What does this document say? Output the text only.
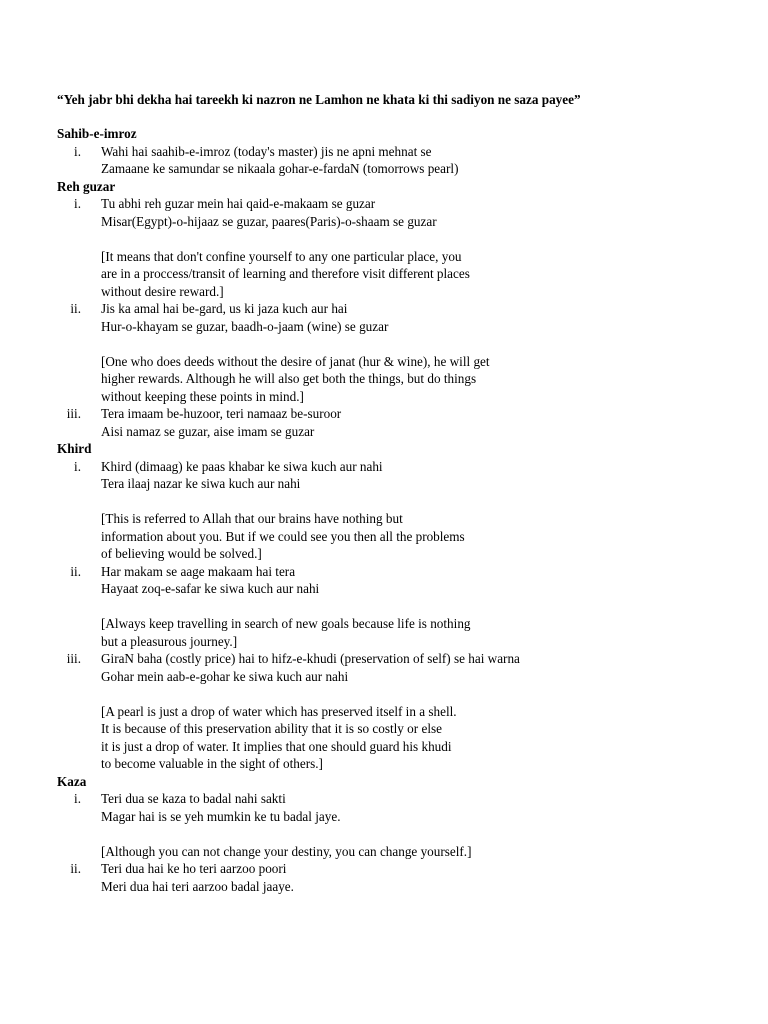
“Yeh jabr bhi dekha hai tareekh ki nazron ne Lamhon ne khata ki thi sadiyon ne saza payee”
Sahib-e-imroz
i. Wahi hai saahib-e-imroz (today's master) jis ne apni mehnat se
Zamaane ke samundar se nikaala gohar-e-fardaN (tomorrows pearl)
Reh guzar
i. Tu abhi reh guzar mein hai qaid-e-makaam se guzar
Misar(Egypt)-o-hijaaz se guzar, paares(Paris)-o-shaam se guzar
[It means that don't confine yourself to any one particular place, you
are in a proccess/transit of learning and therefore visit different places
without desire reward.]
ii. Jis ka amal hai be-gard, us ki jaza kuch aur hai
Hur-o-khayam se guzar, baadh-o-jaam (wine) se guzar
[One who does deeds without the desire of janat (hur & wine), he will get
higher rewards. Although he will also get both the things, but do things
without keeping these points in mind.]
iii. Tera imaam be-huzoor, teri namaaz be-suroor
Aisi namaz se guzar, aise imam se guzar
Khird
i. Khird (dimaag) ke paas khabar ke siwa kuch aur nahi
Tera ilaaj nazar ke siwa kuch aur nahi
[This is referred to Allah that our brains have nothing but
information about you. But if we could see you then all the problems
of believing would be solved.]
ii. Har makam se aage makaam hai tera
Hayaat zoq-e-safar ke siwa kuch aur nahi
[Always keep travelling in search of new goals because life is nothing
but a pleasurous journey.]
iii. GiraN baha (costly price) hai to hifz-e-khudi (preservation of self) se hai warna
Gohar mein aab-e-gohar ke siwa kuch aur nahi
[A pearl is just a drop of water which has preserved itself in a shell.
It is because of this preservation ability that it is so costly or else
it is just a drop of water. It implies that one should guard his khudi
to become valuable in the sight of others.]
Kaza
i. Teri dua se kaza to badal nahi sakti
Magar hai is se yeh mumkin ke tu badal jaye.
[Although you can not change your destiny, you can change yourself.]
ii. Teri dua hai ke ho teri aarzoo poori
Meri dua hai teri aarzoo badal jaaye.
